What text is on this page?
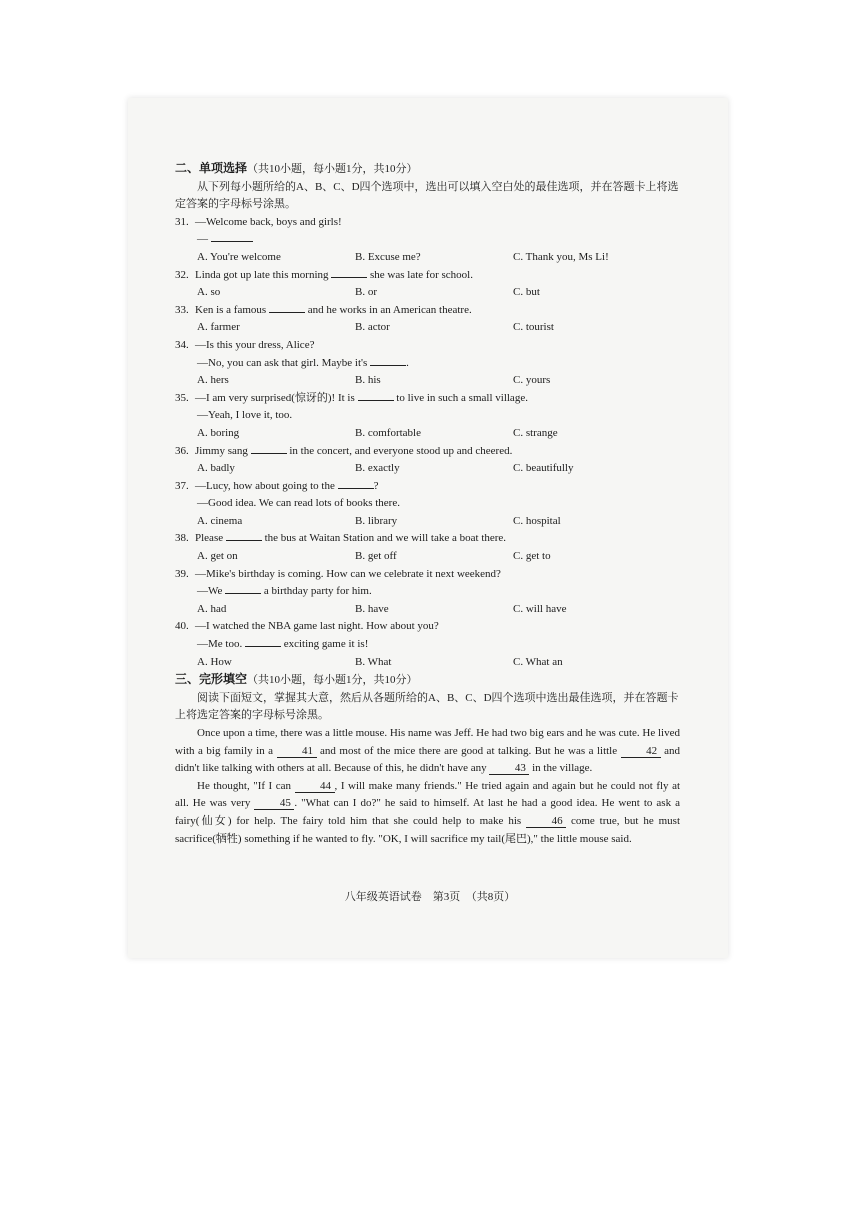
二、单项选择（共10小题，每小题1分，共10分）

从下列每小题所给的A、B、C、D四个选项中，选出可以填入空白处的最佳选项，并在答题卡上将选定答案的字母标号涂黑。

31. —Welcome back, boys and girls!

—

A. You're welcome	B. Excuse me?	C. Thank you, Ms Li!

32. Linda got up late this morning	she was late for school.

A. so	B. or	C. but

33. Ken is a famous	and he works in an American theatre.

A. farmer	B. actor	C. tourist

34. —Is this your dress, Alice?

—No, you can ask that girl. Maybe it's	.

A. hers	B. his	C. yours

35. —I am very surprised(惊讶的)! It is	to live in such a small village.

—Yeah, I love it, too.

A. boring	B. comfortable	C. strange

36. Jimmy sang	in the concert, and everyone stood up and cheered.

A. badly	B. exactly	C. beautifully

37. —Lucy, how about going to the	?

—Good idea. We can read lots of books there.

A. cinema	B. library	C. hospital

38. Please	the bus at Waitan Station and we will take a boat there.

A. get on	B. get off	C. get to

39. —Mike's birthday is coming. How can we celebrate it next weekend?

—We	a birthday party for him.

A. had	B. have	C. will have

40. —I watched the NBA game last night. How about you?

—Me too.	exciting game it is!

A. How	B. What	C. What an

三、完形填空（共10小题，每小题1分，共10分）

阅读下面短文，掌握其大意，然后从各题所给的A、B、C、D四个选项中选出最佳选项，并在答题卡上将选定答案的字母标号涂黑。

Once upon a time, there was a little mouse. His name was Jeff. He had two big ears and he was cute. He lived with a big family in a	41 and most of the mice there are good at talking. But he was a little	42 and didn't like talking with others at all. Because of this, he didn't have any	43 in the village.

He thought, "If I can	44 , I will make many friends." He tried again and again but he could not fly at all. He was very	45 . "What can I do?" he said to himself. At last he had a good idea. He went to ask a fairy(仙女) for help. The fairy told him that she could help to make his	46 come true, but he must sacrifice(牺牲) something if he wanted to fly. "OK, I will sacrifice my tail(尾巴)," the little mouse said.

八年级英语试卷　第3页　（共8页）
